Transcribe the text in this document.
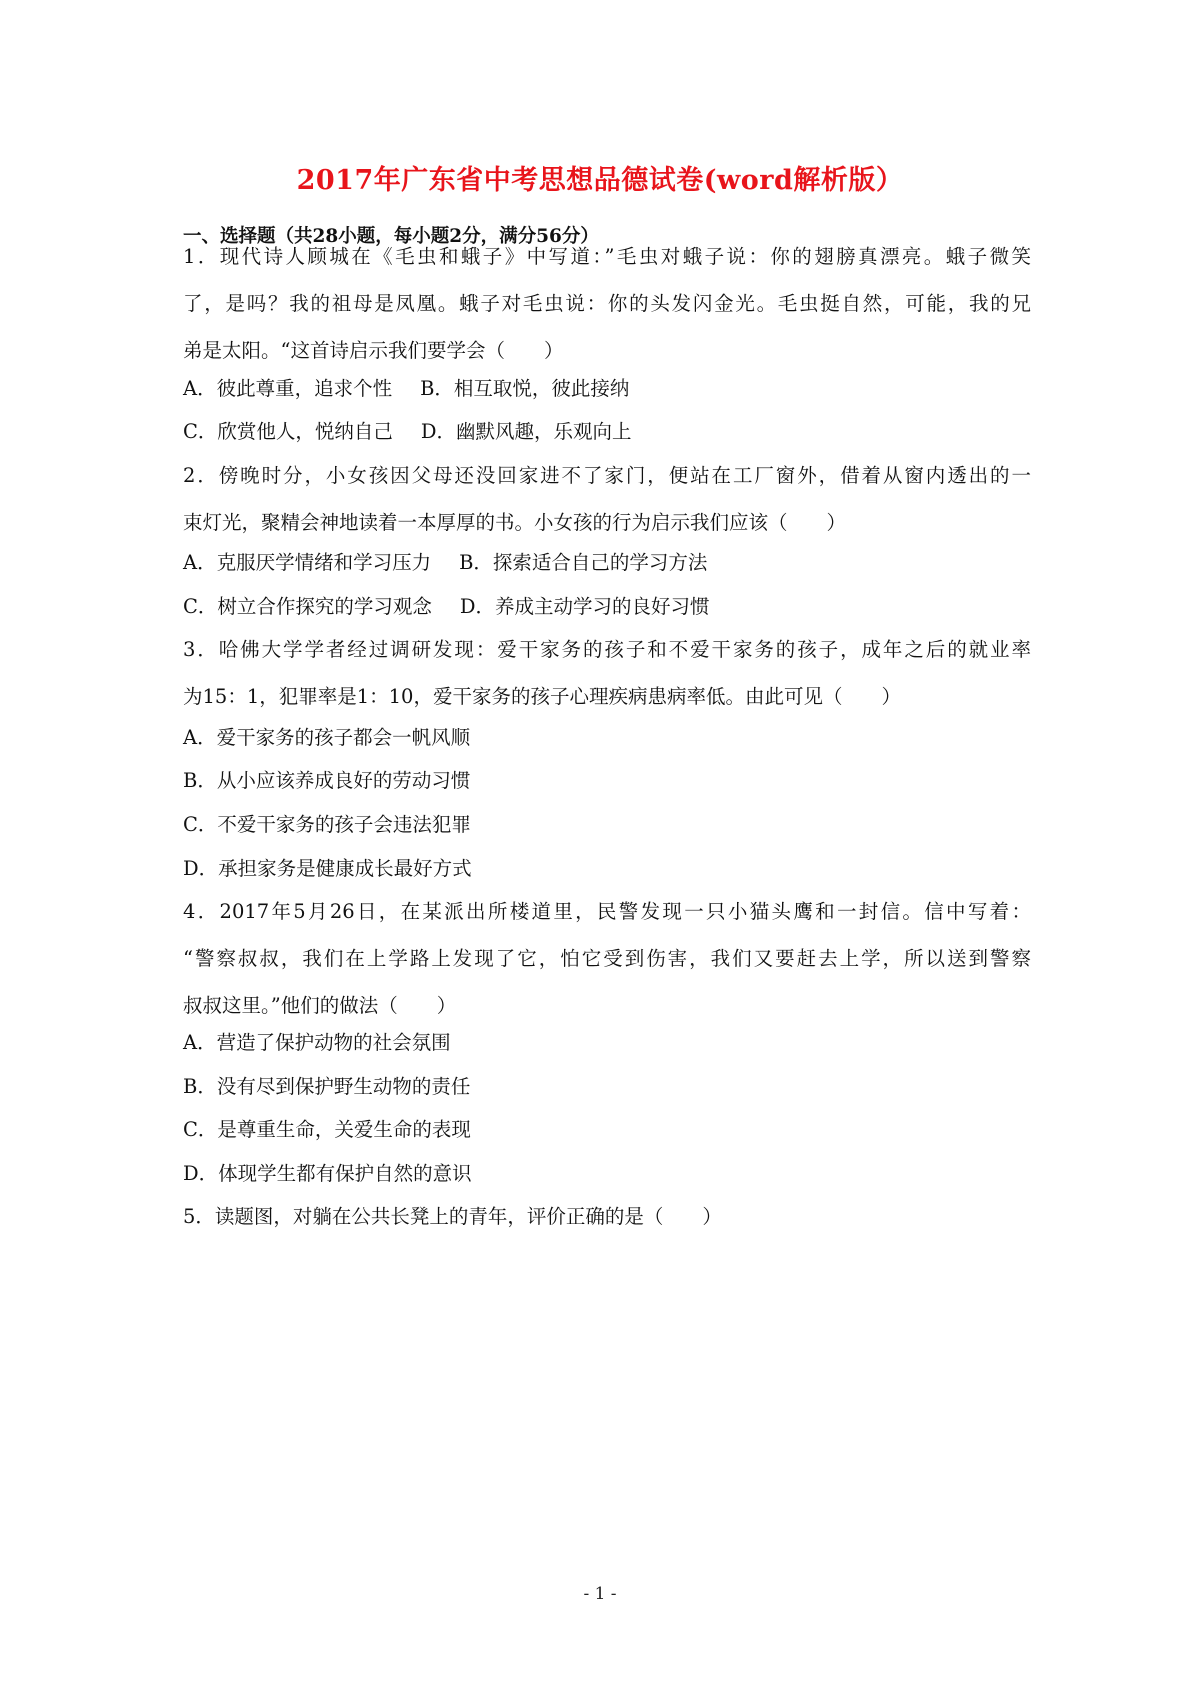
2017年广东省中考思想品德试卷(word解析版）
一、选择题（共28小题，每小题2分，满分56分）

1．现代诗人顾城在《毛虫和蛾子》中写道：”毛虫对蛾子说：你的翅膀真漂亮。蛾子微笑

了，是吗？我的祖母是凤凰。蛾子对毛虫说：你的头发闪金光。毛虫挺自然，可能，我的兄

弟是太阳。“这首诗启示我们要学会（　　）

A．彼此尊重，追求个性 B．相互取悦，彼此接纳
C．欣赏他人，悦纳自己 D．幽默风趣，乐观向上

2．傍晚时分，小女孩因父母还没回家进不了家门，便站在工厂窗外，借着从窗内透出的一

束灯光，聚精会神地读着一本厚厚的书。小女孩的行为启示我们应该（　　）

A．克服厌学情绪和学习压力 B．探索适合自己的学习方法
C．树立合作探究的学习观念 D．养成主动学习的良好习惯

3．哈佛大学学者经过调研发现：爱干家务的孩子和不爱干家务的孩子，成年之后的就业率

为15：1，犯罪率是1：10，爱干家务的孩子心理疾病患病率低。由此可见（　　）

A．爱干家务的孩子都会一帆风顺
B．从小应该养成良好的劳动习惯
C．不爱干家务的孩子会违法犯罪
D．承担家务是健康成长最好方式

4．2017年5月26日，在某派出所楼道里，民警发现一只小猫头鹰和一封信。信中写着：

“警察叔叔，我们在上学路上发现了它，怕它受到伤害，我们又要赶去上学，所以送到警察

叔叔这里。”他们的做法（　　）

A．营造了保护动物的社会氛围
B．没有尽到保护野生动物的责任
C．是尊重生命，关爱生命的表现
D．体现学生都有保护自然的意识

5．读题图，对躺在公共长凳上的青年，评价正确的是（　　）

- 1 -
